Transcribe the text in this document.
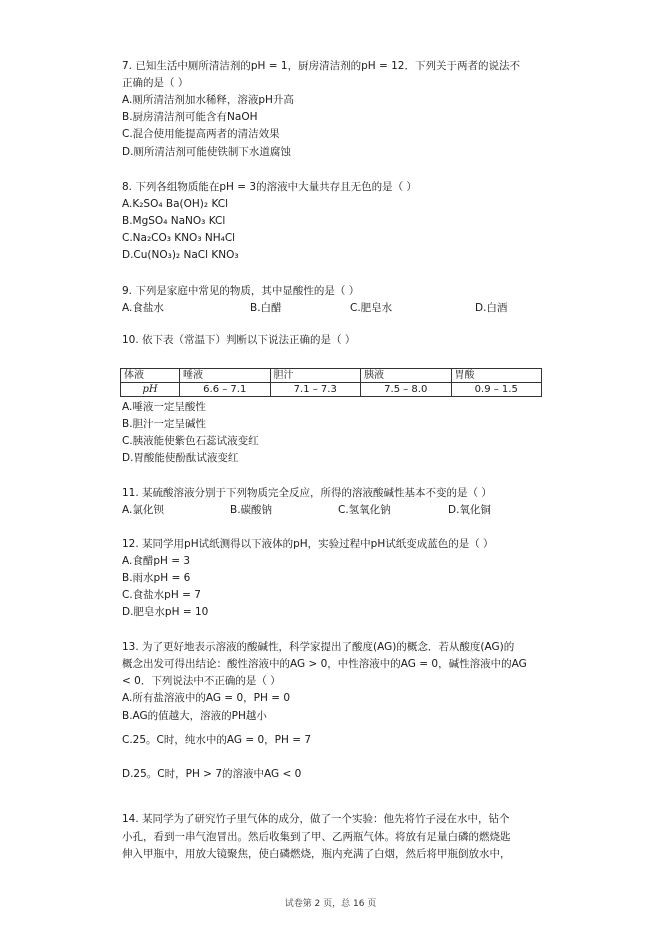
7. 已知生活中厕所清洁剂的pH = 1，厨房清洁剂的pH = 12．下列关于两者的说法不
正确的是（ ）
A.厕所清洁剂加水稀释，溶液pH升高
B.厨房清洁剂可能含有NaOH
C.混合使用能提高两者的清洁效果
D.厕所清洁剂可能使铁制下水道腐蚀
8. 下列各组物质能在pH = 3的溶液中大量共存且无色的是（ ）
A.K₂SO₄ Ba(OH)₂ KCl
B.MgSO₄ NaNO₃ KCl
C.Na₂CO₃ KNO₃ NH₄Cl
D.Cu(NO₃)₂ NaCl KNO₃
9. 下列是家庭中常见的物质，其中显酸性的是（ ）
A.食盐水	B.白醋	C.肥皂水	D.白酒
10. 依下表（常温下）判断以下说法正确的是（ ）
体液	唾液	胆汁	胰液	胃酸
pH	6.6 – 7.1	7.1 – 7.3	7.5 – 8.0	0.9 – 1.5
A.唾液一定呈酸性
B.胆汁一定呈碱性
C.胰液能使紫色石蕊试液变红
D.胃酸能使酚酞试液变红
11. 某硫酸溶液分别于下列物质完全反应，所得的溶液酸碱性基本不变的是（ ）
A.氯化钡	B.碳酸钠	C.氢氧化钠	D.氧化铜
12. 某同学用pH试纸测得以下液体的pH，实验过程中pH试纸变成蓝色的是（ ）
A.食醋pH = 3
B.雨水pH = 6
C.食盐水pH = 7
D.肥皂水pH = 10
13. 为了更好地表示溶液的酸碱性，科学家提出了酸度(AG)的概念．若从酸度(AG)的
概念出发可得出结论：酸性溶液中的AG > 0，中性溶液中的AG = 0，碱性溶液中的AG
< 0．下列说法中不正确的是（ ）
A.所有盐溶液中的AG = 0，PH = 0
B.AG的值越大，溶液的PH越小
C.25。C时，纯水中的AG = 0，PH = 7
D.25。C时，PH > 7的溶液中AG < 0
14. 某同学为了研究竹子里气体的成分，做了一个实验：他先将竹子浸在水中，钻个
小孔，看到一串气泡冒出。然后收集到了甲、乙两瓶气体。将放有足量白磷的燃烧匙
伸入甲瓶中，用放大镜聚焦，使白磷燃烧，瓶内充满了白烟，然后将甲瓶倒放水中，
试卷第 2 页，总 16 页
